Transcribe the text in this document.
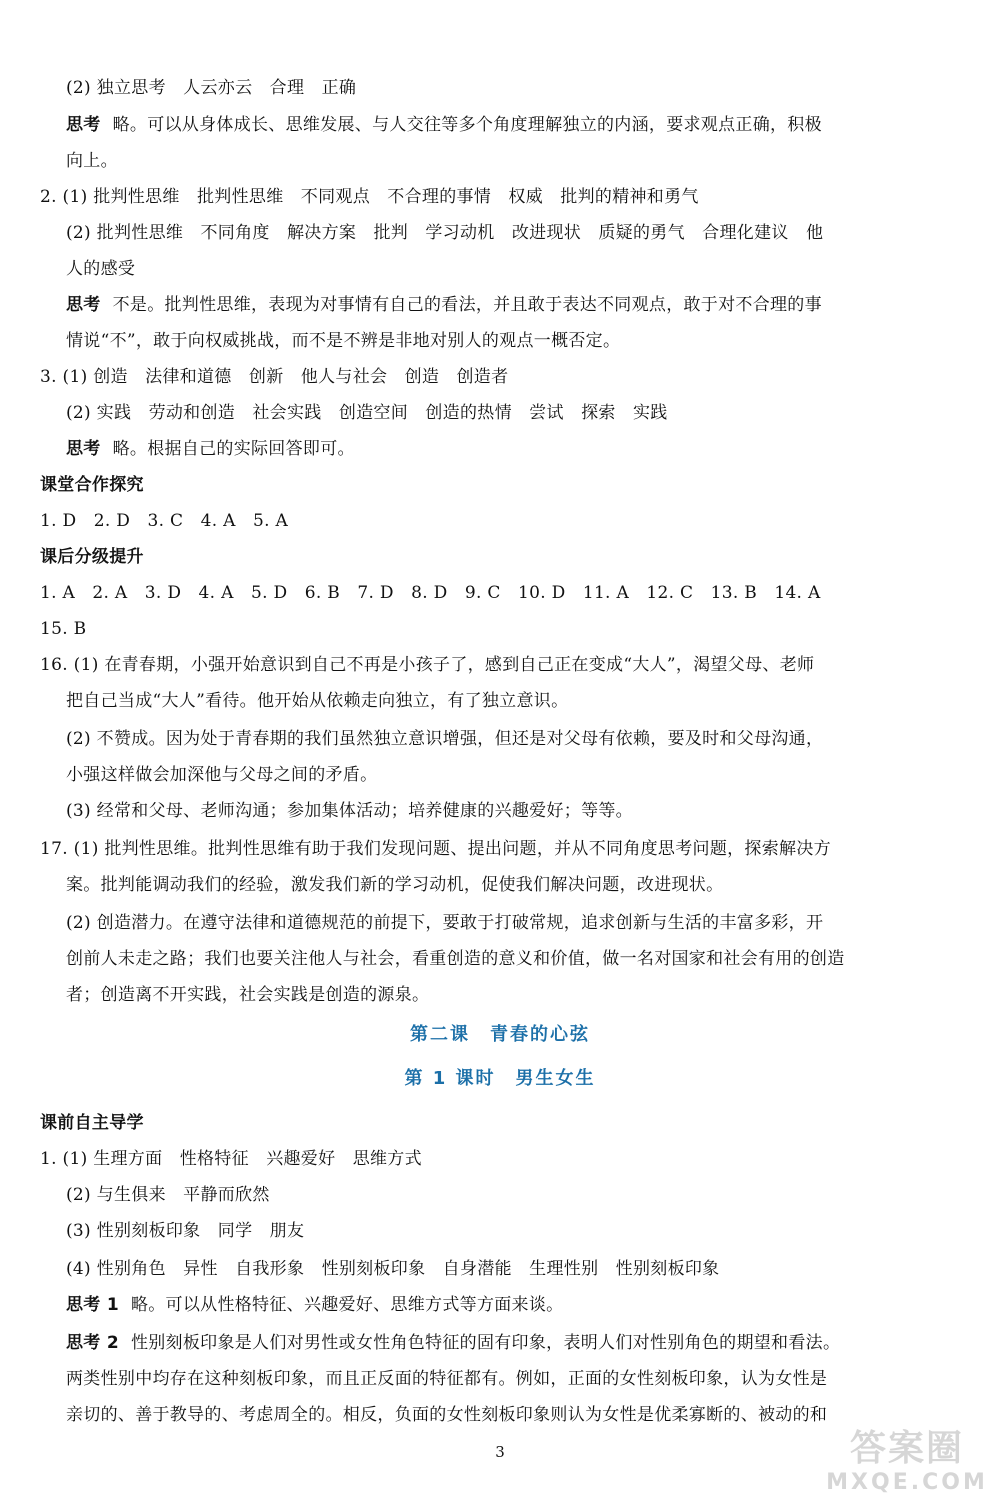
(2) 独立思考　人云亦云　合理　正确
思考 略。可以从身体成长、思维发展、与人交往等多个角度理解独立的内涵，要求观点正确，积极
向上。
2. (1) 批判性思维　批判性思维　不同观点　不合理的事情　权威　批判的精神和勇气
(2) 批判性思维　不同角度　解决方案　批判　学习动机　改进现状　质疑的勇气　合理化建议　他
人的感受
思考 不是。批判性思维，表现为对事情有自己的看法，并且敢于表达不同观点，敢于对不合理的事
情说“不”，敢于向权威挑战，而不是不辨是非地对别人的观点一概否定。
3. (1) 创造　法律和道德　创新　他人与社会　创造　创造者
(2) 实践　劳动和创造　社会实践　创造空间　创造的热情　尝试　探索　实践
思考 略。根据自己的实际回答即可。
课堂合作探究
1. D　2. D　3. C　4. A　5. A
课后分级提升
1. A　2. A　3. D　4. A　5. D　6. B　7. D　8. D　9. C　10. D　11. A　12. C　13. B　14. A
15. B
16. (1) 在青春期，小强开始意识到自己不再是小孩子了，感到自己正在变成“大人”，渴望父母、老师
把自己当成“大人”看待。他开始从依赖走向独立，有了独立意识。
(2) 不赞成。因为处于青春期的我们虽然独立意识增强，但还是对父母有依赖，要及时和父母沟通，
小强这样做会加深他与父母之间的矛盾。
(3) 经常和父母、老师沟通；参加集体活动；培养健康的兴趣爱好；等等。
17. (1) 批判性思维。批判性思维有助于我们发现问题、提出问题，并从不同角度思考问题，探索解决方
案。批判能调动我们的经验，激发我们新的学习动机，促使我们解决问题，改进现状。
(2) 创造潜力。在遵守法律和道德规范的前提下，要敢于打破常规，追求创新与生活的丰富多彩，开
创前人未走之路；我们也要关注他人与社会，看重创造的意义和价值，做一名对国家和社会有用的创造
者；创造离不开实践，社会实践是创造的源泉。
第二课　青春的心弦
第 1 课时　男生女生
课前自主导学
1. (1) 生理方面　性格特征　兴趣爱好　思维方式
(2) 与生俱来　平静而欣然
(3) 性别刻板印象　同学　朋友
(4) 性别角色　异性　自我形象　性别刻板印象　自身潜能　生理性别　性别刻板印象
思考 1 略。可以从性格特征、兴趣爱好、思维方式等方面来谈。
思考 2 性别刻板印象是人们对男性或女性角色特征的固有印象，表明人们对性别角色的期望和看法。
两类性别中均存在这种刻板印象，而且正反面的特征都有。例如，正面的女性刻板印象，认为女性是
亲切的、善于教导的、考虑周全的。相反，负面的女性刻板印象则认为女性是优柔寡断的、被动的和
3	答案圈
MXQE.COM
